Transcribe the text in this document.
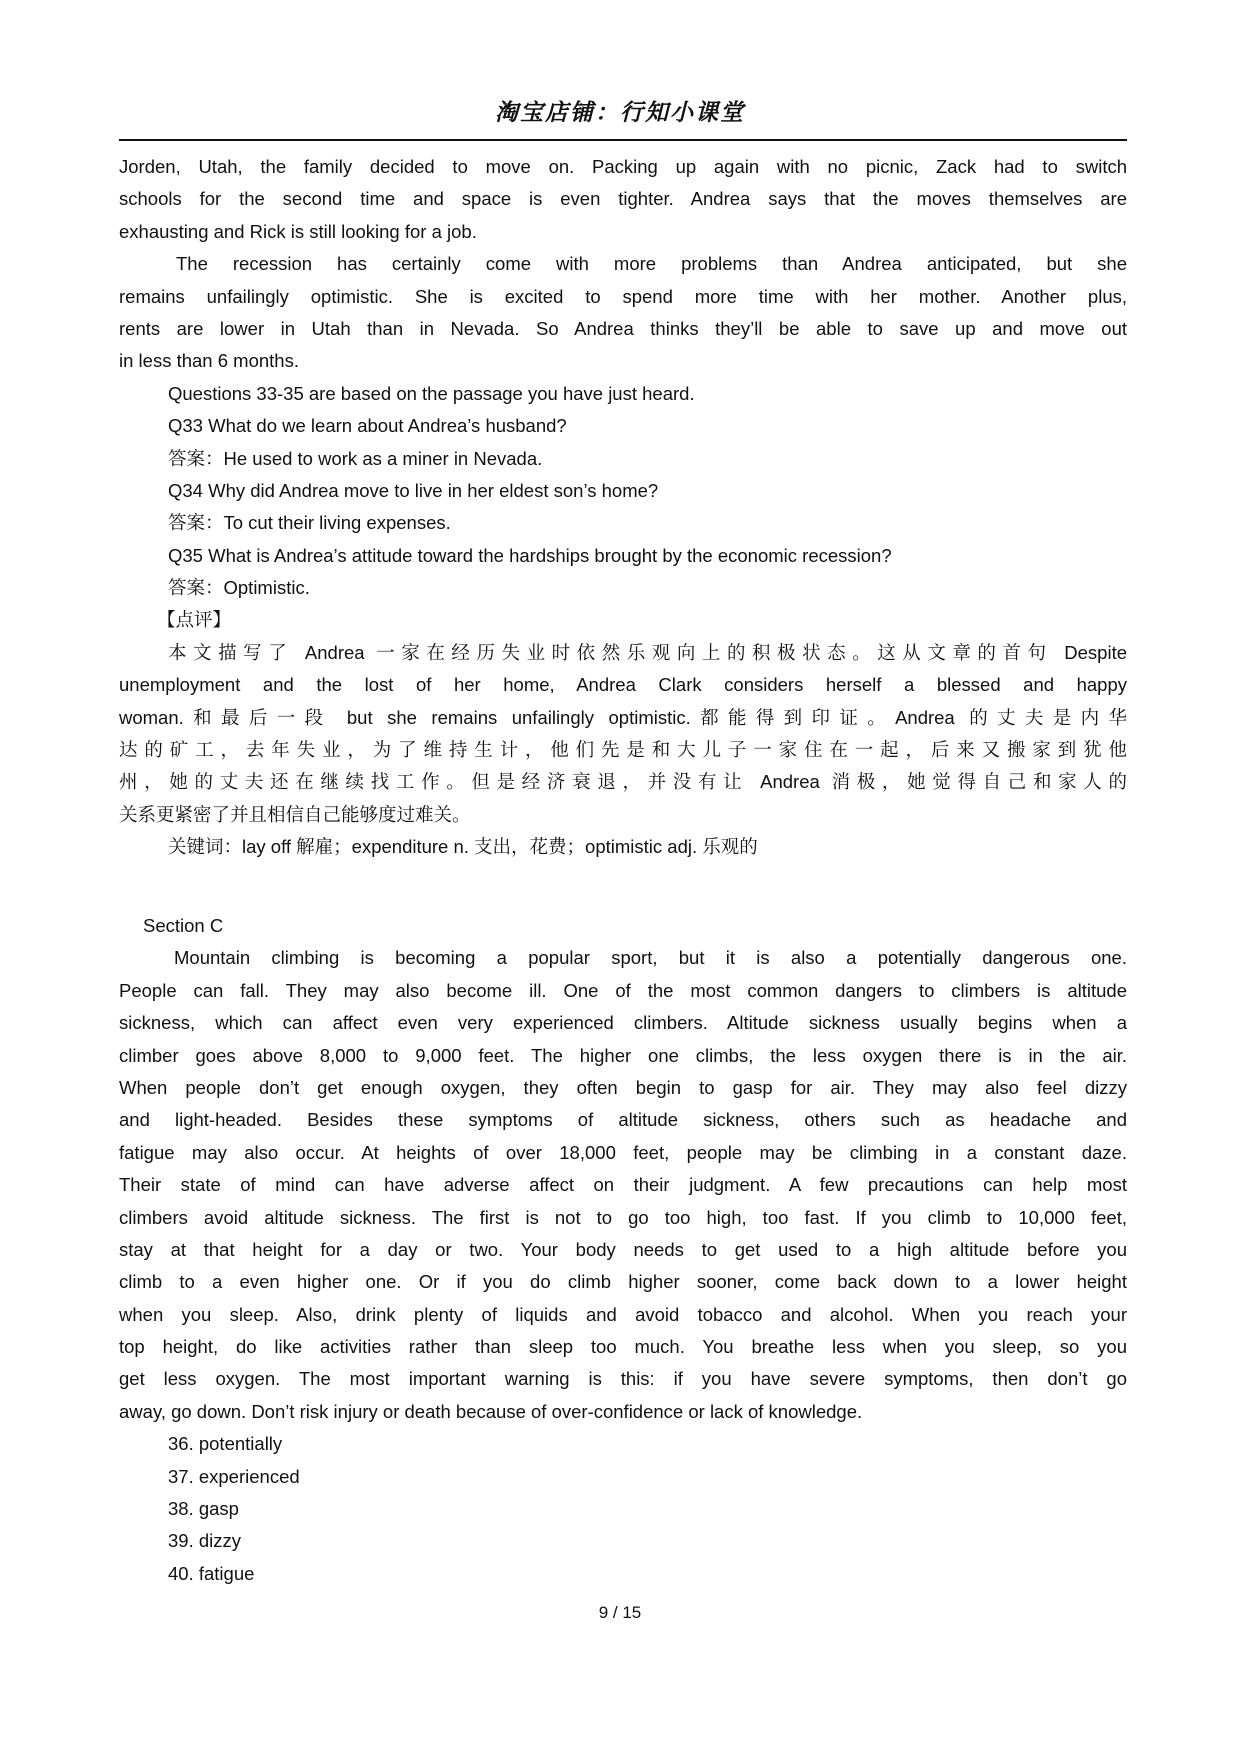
淘宝店铺：行知小课堂
Jorden, Utah, the family decided to move on. Packing up again with no picnic, Zack had to switch
schools for the second time and space is even tighter. Andrea says that the moves themselves are
exhausting and Rick is still looking for a job.
The recession has certainly come with more problems than Andrea anticipated, but she
remains unfailingly optimistic. She is excited to spend more time with her mother. Another plus,
rents are lower in Utah than in Nevada. So Andrea thinks they’ll be able to save up and move out
in less than 6 months.
Questions 33-35 are based on the passage you have just heard.
Q33 What do we learn about Andrea’s husband?
答案：He used to work as a miner in Nevada.
Q34 Why did Andrea move to live in her eldest son’s home?
答案：To cut their living expenses.
Q35 What is Andrea’s attitude toward the hardships brought by the economic recession?
答案：Optimistic.
【点评】
本文描写了 Andrea 一家在经历失业时依然乐观向上的积极状态。这从文章的首句 Despite
unemployment and the lost of her home, Andrea Clark considers herself a blessed and happy
woman.和最后一段 but she remains unfailingly optimistic.都能得到印证。Andrea 的丈夫是内华
达的矿工，去年失业，为了维持生计，他们先是和大儿子一家住在一起，后来又搬家到犹他
州，她的丈夫还在继续找工作。但是经济衰退，并没有让 Andrea 消极，她觉得自己和家人的
关系更紧密了并且相信自己能够度过难关。
关键词：lay off 解雇；expenditure n. 支出，花费；optimistic adj. 乐观的
Section C
Mountain climbing is becoming a popular sport, but it is also a potentially dangerous one.
People can fall. They may also become ill. One of the most common dangers to climbers is altitude
sickness, which can affect even very experienced climbers. Altitude sickness usually begins when a
climber goes above 8,000 to 9,000 feet. The higher one climbs, the less oxygen there is in the air.
When people don’t get enough oxygen, they often begin to gasp for air. They may also feel dizzy
and light-headed. Besides these symptoms of altitude sickness, others such as headache and
fatigue may also occur. At heights of over 18,000 feet, people may be climbing in a constant daze.
Their state of mind can have adverse affect on their judgment. A few precautions can help most
climbers avoid altitude sickness. The first is not to go too high, too fast. If you climb to 10,000 feet,
stay at that height for a day or two. Your body needs to get used to a high altitude before you
climb to a even higher one. Or if you do climb higher sooner, come back down to a lower height
when you sleep. Also, drink plenty of liquids and avoid tobacco and alcohol. When you reach your
top height, do like activities rather than sleep too much. You breathe less when you sleep, so you
get less oxygen. The most important warning is this: if you have severe symptoms, then don’t go
away, go down. Don’t risk injury or death because of over-confidence or lack of knowledge.
36. potentially
37. experienced
38. gasp
39. dizzy
40. fatigue
9 / 15
